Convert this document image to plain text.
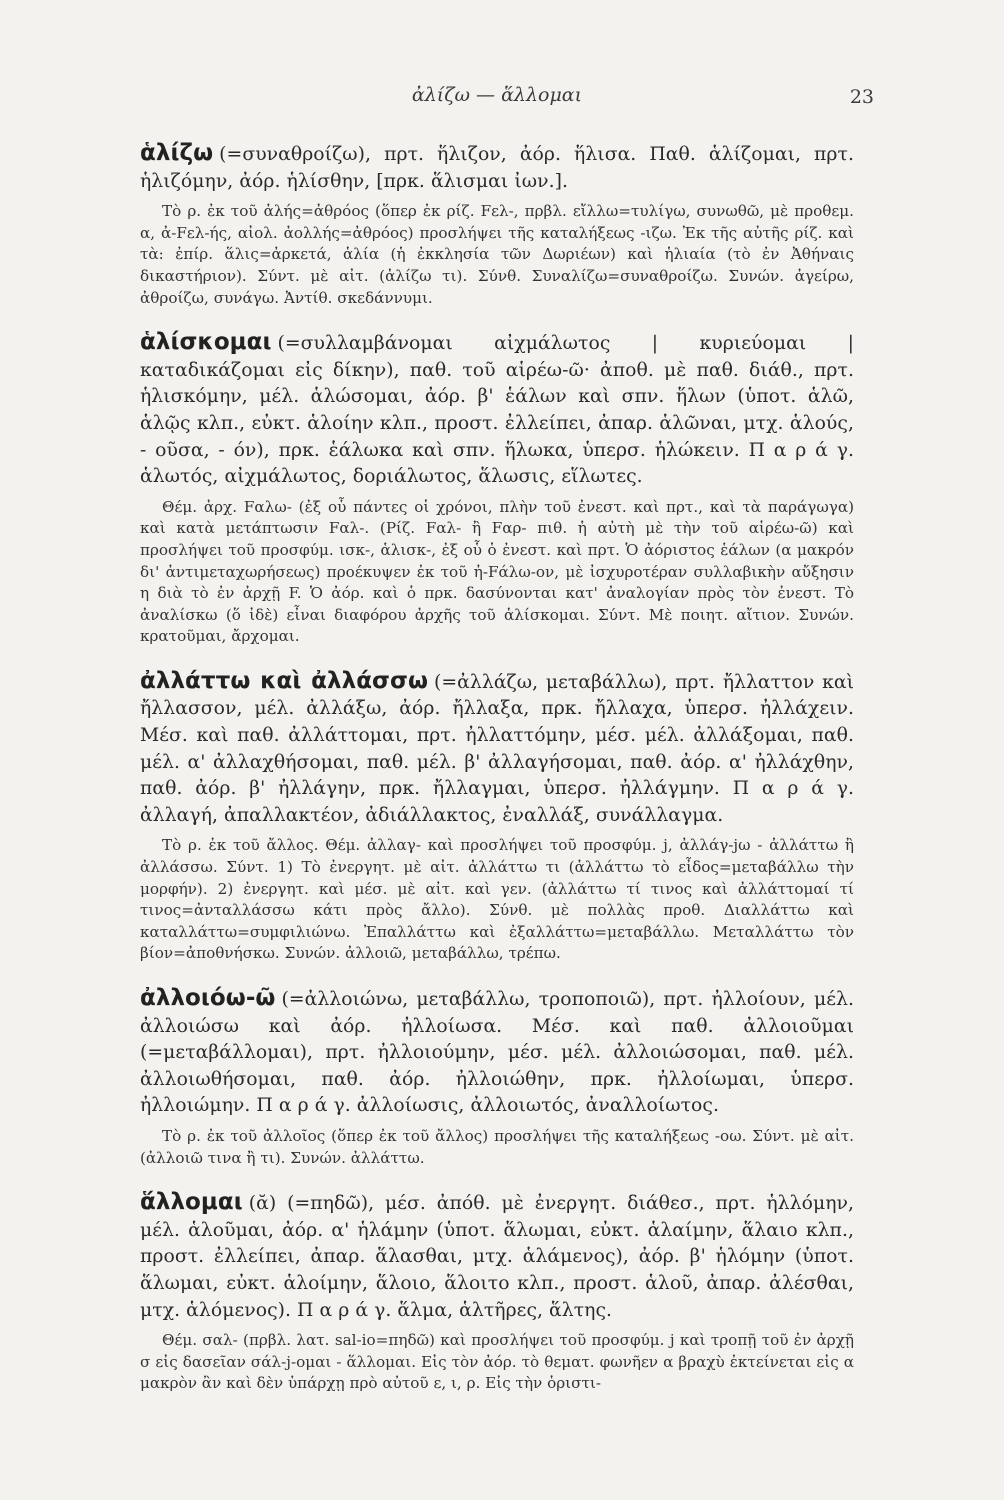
ἀλίζω — ἅλλομαι	23

ἁλίζω (=συναθροίζω), πρτ. ἥλιζον, ἀόρ. ἥλισα. Παθ. ἁλίζομαι, πρτ. ἡλιζόμην, ἀόρ. ἡλίσθην, [πρκ. ἅλισμαι ἰων.].

Τὸ ρ. ἐκ τοῦ ἁλής=ἀθρόος (ὅπερ ἐκ ρίζ. Fελ-, πρβλ. εἴλλω=τυλίγω, συνωθῶ, μὲ προθεμ. α, ἀ-Fελ-ής, αἰολ. ἀολλής=ἀθρόος) προσλήψει τῆς καταλήξεως -ιζω. Ἐκ τῆς αὐτῆς ρίζ. καὶ τὰ: ἐπίρ. ἅλις=ἀρκετά, ἁλία (ἡ ἐκκλησία τῶν Δωριέων) καὶ ἡλιαία (τὸ ἐν Ἀθήναις δικαστήριον). Σύντ. μὲ αἰτ. (ἁλίζω τι). Σύνθ. Συναλίζω=συναθροίζω. Συνών. ἀγείρω, ἀθροίζω, συνάγω. Ἀντίθ. σκεδάννυμι.

ἁλίσκομαι (=συλλαμβάνομαι αἰχμάλωτος | κυριεύομαι | καταδικάζομαι εἰς δίκην), παθ. τοῦ αἱρέω-ῶ· ἀποθ. μὲ παθ. διάθ., πρτ. ἡλισκόμην, μέλ. ἁλώσομαι, ἀόρ. β' ἑάλων καὶ σπν. ἥλων (ὑποτ. ἁλῶ, ἁλῷς κλπ., εὐκτ. ἁλοίην κλπ., προστ. ἐλλείπει, ἀπαρ. ἁλῶναι, μτχ. ἁλούς, - οῦσα, - όν), πρκ. ἑάλωκα καὶ σπν. ἥλωκα, ὑπερσ. ἡλώκειν. Π α ρ ά γ. ἁλωτός, αἰχμάλωτος, δοριάλωτος, ἅλωσις, εἵλωτες.

Θέμ. ἀρχ. Fαλω- (ἐξ οὗ πάντες οἱ χρόνοι, πλὴν τοῦ ἐνεστ. καὶ πρτ., καὶ τὰ παράγωγα) καὶ κατὰ μετάπτωσιν Fαλ-. (Ρίζ. Fαλ- ἢ Fαρ- πιθ. ἡ αὐτὴ μὲ τὴν τοῦ αἱρέω-ῶ) καὶ προσλήψει τοῦ προσφύμ. ισκ-, ἁλισκ-, ἐξ οὗ ὁ ἐνεστ. καὶ πρτ. Ὁ ἀόριστος ἑάλων (α μακρόν δι' ἀντιμεταχωρήσεως) προέκυψεν ἐκ τοῦ ἠ-Fάλω-ον, μὲ ἰσχυροτέραν συλλαβικὴν αὔξησιν η διὰ τὸ ἐν ἀρχῇ F. Ὁ ἀόρ. καὶ ὁ πρκ. δασύνονται κατ' ἀναλογίαν πρὸς τὸν ἐνεστ. Τὸ ἀναλίσκω (ὅ ἰδὲ) εἶναι διαφόρου ἀρχῆς τοῦ ἁλίσκομαι. Σύντ. Μὲ ποιητ. αἴτιον. Συνών. κρατοῦμαι, ἄρχομαι.

ἀλλάττω καὶ ἀλλάσσω (=ἀλλάζω, μεταβάλλω), πρτ. ἤλλαττον καὶ ἤλλασσον, μέλ. ἀλλάξω, ἀόρ. ἤλλαξα, πρκ. ἤλλαχα, ὑπερσ. ἠλλάχειν. Μέσ. καὶ παθ. ἀλλάττομαι, πρτ. ἠλλαττόμην, μέσ. μέλ. ἀλλάξομαι, παθ. μέλ. α' ἀλλαχθήσομαι, παθ. μέλ. β' ἀλλαγήσομαι, παθ. ἀόρ. α' ἠλλάχθην, παθ. ἀόρ. β' ἠλλάγην, πρκ. ἤλλαγμαι, ὑπερσ. ἠλλάγμην. Π α ρ ά γ. ἀλλαγή, ἀπαλλακτέον, ἀδιάλλακτος, ἐναλλάξ, συνάλλαγμα.

Τὸ ρ. ἐκ τοῦ ἄλλος. Θέμ. ἀλλαγ- καὶ προσλήψει τοῦ προσφύμ. j, ἀλλάγ-jω - ἀλλάττω ἢ ἀλλάσσω. Σύντ. 1) Τὸ ἐνεργητ. μὲ αἰτ. ἀλλάττω τι (ἀλλάττω τὸ εἶδος=μεταβάλλω τὴν μορφήν). 2) ἐνεργητ. καὶ μέσ. μὲ αἰτ. καὶ γεν. (ἀλλάττω τί τινος καὶ ἀλλάττομαί τί τινος=ἀνταλλάσσω κάτι πρὸς ἄλλο). Σύνθ. μὲ πολλὰς προθ. Διαλλάττω καὶ καταλλάττω=συμφιλιώνω. Ἐπαλλάττω καὶ ἐξαλλάττω=μεταβάλλω. Μεταλλάττω τὸν βίον=ἀποθνήσκω. Συνών. ἀλλοιῶ, μεταβάλλω, τρέπω.

ἀλλοιόω-ῶ (=ἀλλοιώνω, μεταβάλλω, τροποποιῶ), πρτ. ἠλλοίουν, μέλ. ἀλλοιώσω καὶ ἀόρ. ἠλλοίωσα. Μέσ. καὶ παθ. ἀλλοιοῦμαι (=μεταβάλλομαι), πρτ. ἠλλοιούμην, μέσ. μέλ. ἀλλοιώσομαι, παθ. μέλ. ἀλλοιωθήσομαι, παθ. ἀόρ. ἠλλοιώθην, πρκ. ἠλλοίωμαι, ὑπερσ. ἠλλοιώμην. Π α ρ ά γ. ἀλλοίωσις, ἀλλοιωτός, ἀναλλοίωτος.

Τὸ ρ. ἐκ τοῦ ἀλλοῖος (ὅπερ ἐκ τοῦ ἄλλος) προσλήψει τῆς καταλήξεως -οω. Σύντ. μὲ αἰτ. (ἀλλοιῶ τινα ἢ τι). Συνών. ἀλλάττω.

ἅλλομαι (ᾰ) (=πηδῶ), μέσ. ἀπόθ. μὲ ἐνεργητ. διάθεσ., πρτ. ἡλλόμην, μέλ. ἁλοῦμαι, ἀόρ. α' ἡλάμην (ὑποτ. ἅλωμαι, εὐκτ. ἁλαίμην, ἅλαιο κλπ., προστ. ἐλλείπει, ἀπαρ. ἅλασθαι, μτχ. ἁλάμενος), ἀόρ. β' ἡλόμην (ὑποτ. ἅλωμαι, εὐκτ. ἁλοίμην, ἅλοιο, ἅλοιτο κλπ., προστ. ἁλοῦ, ἀπαρ. ἀλέσθαι, μτχ. ἁλόμενος). Π α ρ ά γ. ἅλμα, ἁλτῆρες, ἅλτης.

Θέμ. σαλ- (πρβλ. λατ. sal-io=πηδῶ) καὶ προσλήψει τοῦ προσφύμ. j καὶ τροπῇ τοῦ ἐν ἀρχῇ σ εἰς δασεῖαν σάλ-j-ομαι - ἅλλομαι. Εἰς τὸν ἀόρ. τὸ θεματ. φωνῆεν α βραχὺ ἐκτείνεται εἰς α μακρὸν ἂν καὶ δὲν ὑπάρχῃ πρὸ αὐτοῦ ε, ι, ρ. Εἰς τὴν ὁριστι-
